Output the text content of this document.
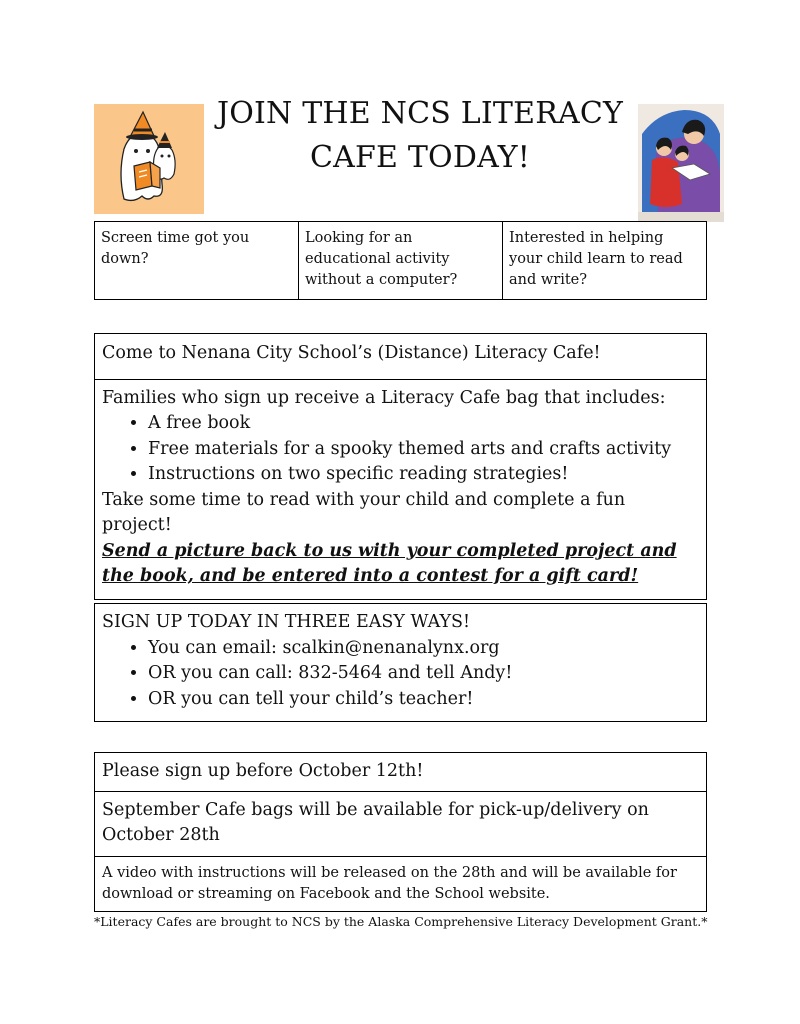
JOIN THE NCS LITERACY
CAFE TODAY!
Screen time got you down?	Looking for an educational activity without a computer?	Interested in helping your child learn to read and write?
Come to Nenana City School’s (Distance) Literacy Cafe!
Families who sign up receive a Literacy Cafe bag that includes:
• A free book
• Free materials for a spooky themed arts and crafts activity
• Instructions on two specific reading strategies!
Take some time to read with your child and complete a fun project!
Send a picture back to us with your completed project and the book, and be entered into a contest for a gift card!
SIGN UP TODAY IN THREE EASY WAYS!
• You can email: scalkin@nenanalynx.org
• OR you can call: 832-5464 and tell Andy!
• OR you can tell your child’s teacher!
Please sign up before October 12th!
September Cafe bags will be available for pick-up/delivery on October 28th
A video with instructions will be released on the 28th and will be available for download or streaming on Facebook and the School website.
*Literacy Cafes are brought to NCS by the Alaska Comprehensive Literacy Development Grant.*
